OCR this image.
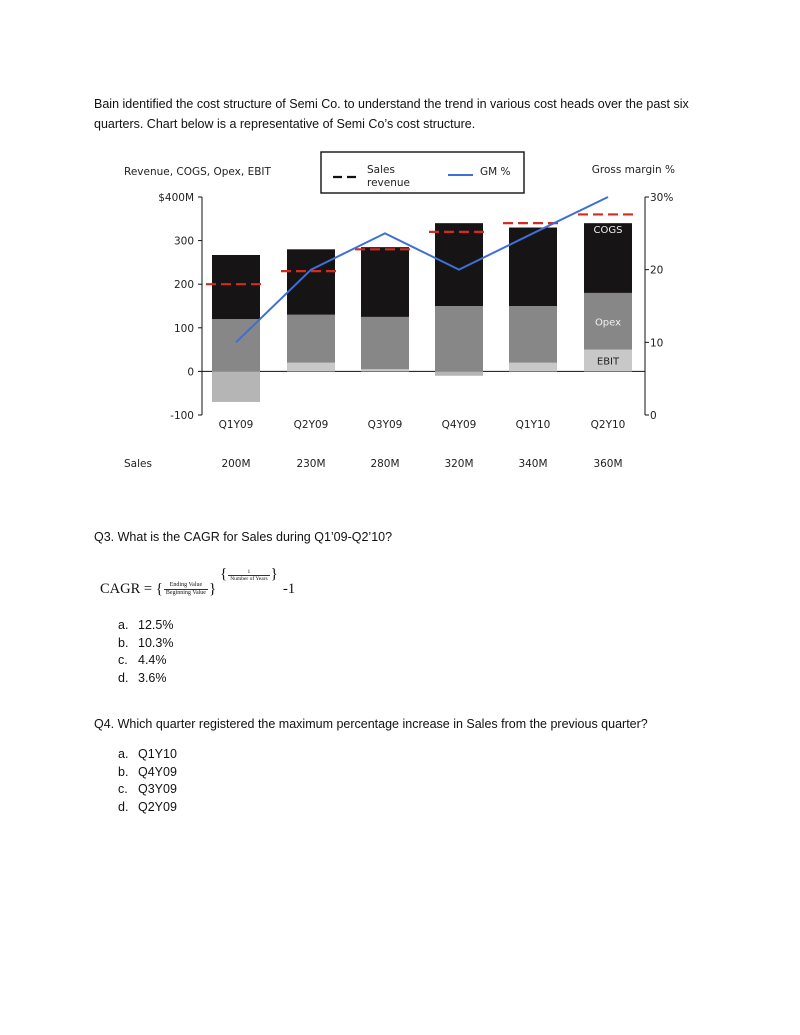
Bain identified the cost structure of Semi Co. to understand the trend in various cost heads over the past six quarters. Chart below is a representative of Semi Co’s cost structure.

Revenue, COGS, Opex, EBIT	Gross margin %
Sales
revenue
GM %
$400M
300
200
100
0
-100
30%
20
10
0
Q1Y09
200M
Q2Y09
230M
Q3Y09
280M
Q4Y09
320M
Q1Y10
340M
Q2Y10
360M
COGS
Opex
EBIT
Sales

Q3. What is the CAGR for Sales during Q1’09-Q2’10?

CAGR = { $\frac{\text{Ending Value}}{\text{Beginning Value}}$ }
{ $\frac{1}{\text{Number of Years}}$ }
-1
a. 12.5%
b. 10.3%
c. 4.4%
d. 3.6%

Q4. Which quarter registered the maximum percentage increase in Sales from the previous quarter?

a. Q1Y10
b. Q4Y09
c. Q3Y09
d. Q2Y09
